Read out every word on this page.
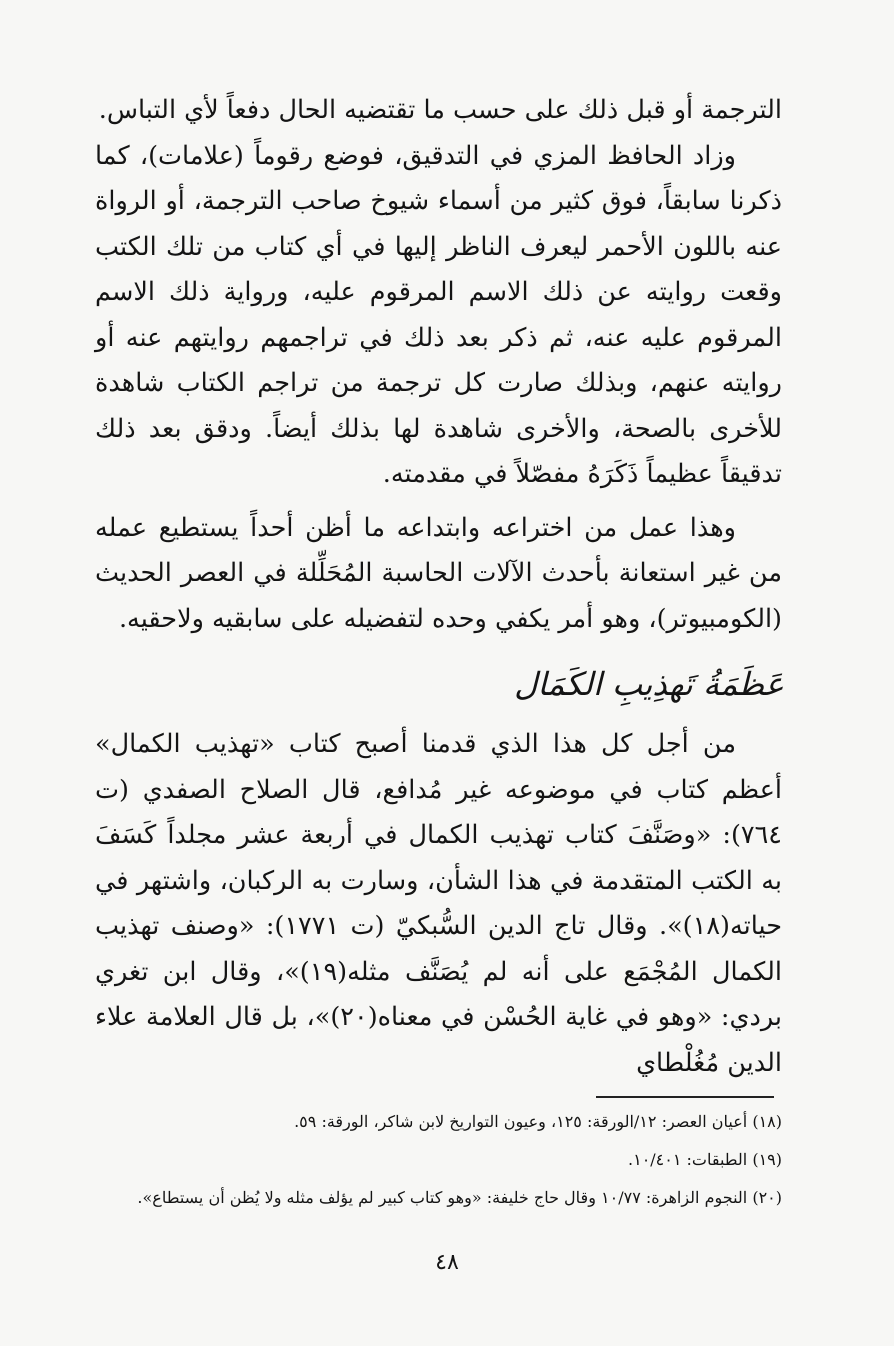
الترجمة أو قبل ذلك على حسب ما تقتضيه الحال دفعاً لأي التباس.

وزاد الحافظ المزي في التدقيق، فوضع رقوماً (علامات)، كما ذكرنا سابقاً، فوق كثير من أسماء شيوخ صاحب الترجمة، أو الرواة عنه باللون الأحمر ليعرف الناظر إليها في أي كتاب من تلك الكتب وقعت روايته عن ذلك الاسم المرقوم عليه، ورواية ذلك الاسم المرقوم عليه عنه، ثم ذكر بعد ذلك في تراجمهم روايتهم عنه أو روايته عنهم، وبذلك صارت كل ترجمة من تراجم الكتاب شاهدة للأخرى بالصحة، والأخرى شاهدة لها بذلك أيضاً. ودقق بعد ذلك تدقيقاً عظيماً ذَكَرَهُ مفصّلاً في مقدمته.

وهذا عمل من اختراعه وابتداعه ما أظن أحداً يستطيع عمله من غير استعانة بأحدث الآلات الحاسبة المُحَلِّلة في العصر الحديث (الكومبيوتر)، وهو أمر يكفي وحده لتفضيله على سابقيه ولاحقيه.

عَظَمَةُ تَهذِيبِ الكَمَال

من أجل كل هذا الذي قدمنا أصبح كتاب «تهذيب الكمال» أعظم كتاب في موضوعه غير مُدافع، قال الصلاح الصفدي (ت ٧٦٤): «وصَنَّفَ كتاب تهذيب الكمال في أربعة عشر مجلداً كَسَفَ به الكتب المتقدمة في هذا الشأن، وسارت به الركبان، واشتهر في حياته(١٨)». وقال تاج الدين السُّبكيّ (ت ١٧٧١): «وصنف تهذيب الكمال المُجْمَع على أنه لم يُصَنَّف مثله(١٩)»، وقال ابن تغري بردي: «وهو في غاية الحُسْن في معناه(٢٠)»، بل قال العلامة علاء الدين مُغُلْطاي

(١٨) أعيان العصر: ١٢/الورقة: ١٢٥، وعيون التواريخ لابن شاكر، الورقة: ٥٩.
(١٩) الطبقات: ١٠/٤٠١.
(٢٠) النجوم الزاهرة: ١٠/٧٧ وقال حاج خليفة: «وهو كتاب كبير لم يؤلف مثله ولا يُظن أن يستطاع».
٤٨
